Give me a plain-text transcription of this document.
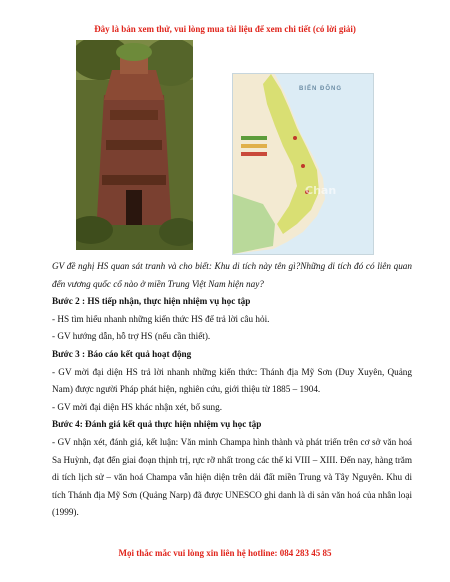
Đây là bản xem thử, vui lòng mua tài liệu để xem chi tiết (có lời giải)
Chan
BIỂN ĐÔNG

GV đề nghị HS quan sát tranh và cho biết: Khu di tích này tên gì?Những di tích đó có liên quan đến vương quốc cổ nào ở miền Trung Việt Nam hiện nay?

Bước 2 : HS tiếp nhận, thực hiện nhiệm vụ học tập

- HS tìm hiểu nhanh những kiến thức HS để trả lời câu hỏi.

- GV hướng dẫn, hỗ trợ HS (nếu cần thiết).

Bước 3 : Báo cáo kết quả hoạt động

- GV mời đại diện HS trả lời nhanh những kiến thức: Thánh địa Mỹ Sơn (Duy Xuyên, Quảng Nam) được người Pháp phát hiện, nghiên cứu, giới thiệu từ 1885 – 1904.

- GV mời đại diện HS khác nhận xét, bổ sung.

Bước 4: Đánh giá kết quả thực hiện nhiệm vụ học tập

- GV nhận xét, đánh giá, kết luận: Văn minh Champa hình thành và phát triển trên cơ sở văn hoá Sa Huỳnh, đạt đến giai đoạn thịnh trị, rực rỡ nhất trong các thế kỉ VIII – XIII. Đến nay, hàng trăm di tích lịch sử – văn hoá Champa vẫn hiện diện trên dải đất miền Trung và Tây Nguyên. Khu di tích Thánh địa Mỹ Sơn (Quảng Narp) đã được UNESCO ghi danh là di sản văn hoá của nhân loại (1999).

Mọi thắc mắc vui lòng xin liên hệ hotline: 084 283 45 85
